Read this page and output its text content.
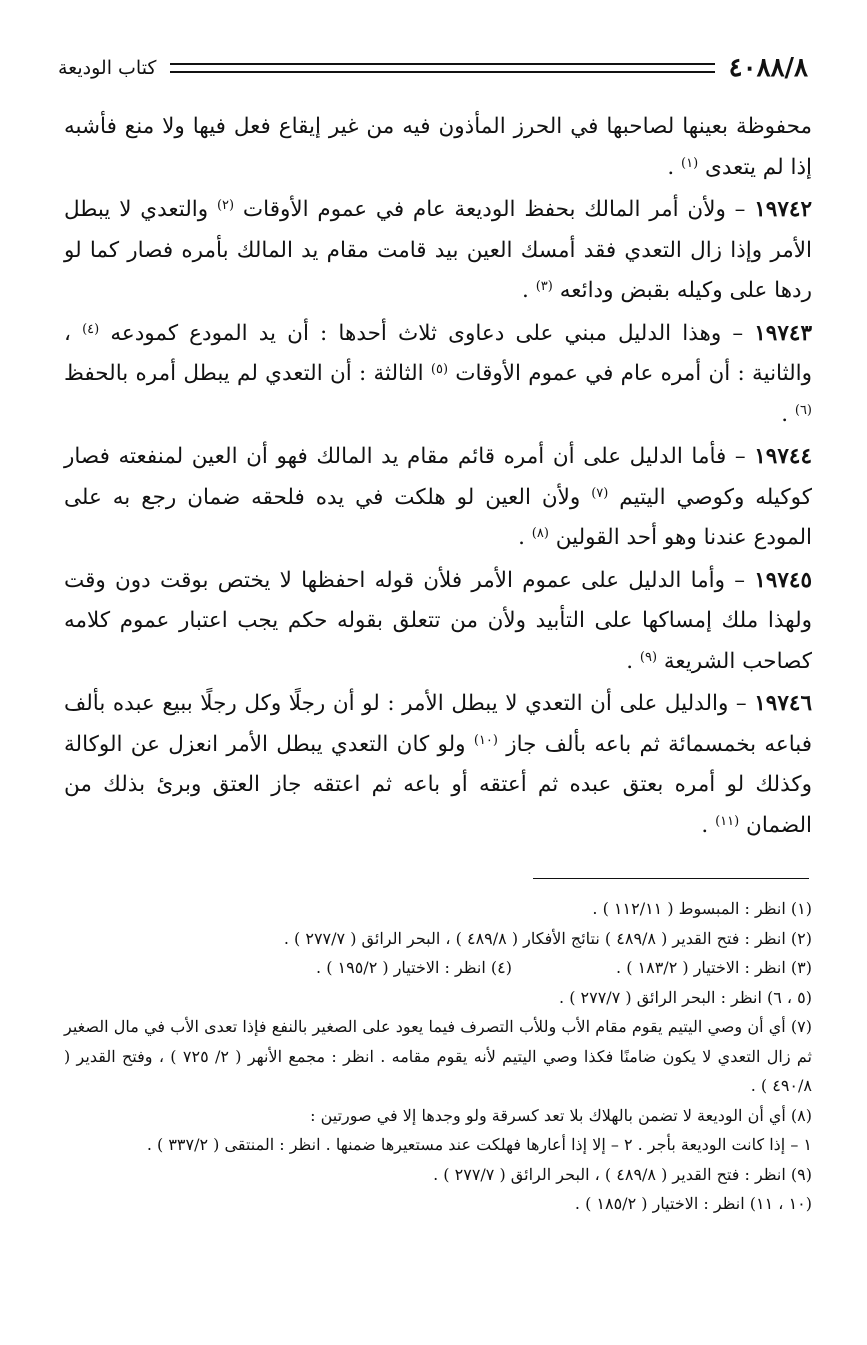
٤٠٨٨/٨
كتاب الوديعة

محفوظة بعينها لصاحبها في الحرز المأذون فيه من غير إيقاع فعل فيها ولا منع فأشبه إذا لم يتعدى $^{(١)}$ .

١٩٧٤٢ – ولأن أمر المالك بحفظ الوديعة عام في عموم الأوقات $^{(٢)}$ والتعدي لا يبطل الأمر وإذا زال التعدي فقد أمسك العين بيد قامت مقام يد المالك بأمره فصار كما لو ردها على وكيله بقبض ودائعه $^{(٣)}$ .

١٩٧٤٣ – وهذا الدليل مبني على دعاوى ثلاث أحدها : أن يد المودع كمودعه $^{(٤)}$ ، والثانية : أن أمره عام في عموم الأوقات $^{(٥)}$ الثالثة : أن التعدي لم يبطل أمره بالحفظ $^{(٦)}$ .

١٩٧٤٤ – فأما الدليل على أن أمره قائم مقام يد المالك فهو أن العين لمنفعته فصار كوكيله وكوصي اليتيم $^{(٧)}$ ولأن العين لو هلكت في يده فلحقه ضمان رجع به على المودع عندنا وهو أحد القولين $^{(٨)}$ .

١٩٧٤٥ – وأما الدليل على عموم الأمر فلأن قوله احفظها لا يختص بوقت دون وقت ولهذا ملك إمساكها على التأبيد ولأن من تتعلق بقوله حكم يجب اعتبار عموم كلامه كصاحب الشريعة $^{(٩)}$ .

١٩٧٤٦ – والدليل على أن التعدي لا يبطل الأمر : لو أن رجلًا وكل رجلًا ببيع عبده بألف فباعه بخمسمائة ثم باعه بألف جاز $^{(١٠)}$ ولو كان التعدي يبطل الأمر انعزل عن الوكالة وكذلك لو أمره بعتق عبده ثم أعتقه أو باعه ثم اعتقه جاز العتق وبرئ بذلك من الضمان $^{(١١)}$ .

(١) انظر : المبسوط ( ١١٢/١١ ) .

(٢) انظر : فتح القدير ( ٤٨٩/٨ ) نتائج الأفكار ( ٤٨٩/٨ ) ، البحر الرائق ( ٢٧٧/٧ ) .

(٣) انظر : الاختيار ( ١٨٣/٢ ) .
(٤) انظر : الاختيار ( ١٩٥/٢ ) .

(٥ ، ٦) انظر : البحر الرائق ( ٢٧٧/٧ ) .

(٧) أي أن وصي اليتيم يقوم مقام الأب وللأب التصرف فيما يعود على الصغير بالنفع فإذا تعدى الأب في مال الصغير ثم زال التعدي لا يكون ضامنًا فكذا وصي اليتيم لأنه يقوم مقامه . انظر : مجمع الأنهر ( ٢/ ٧٢٥ ) ، وفتح القدير ( ٤٩٠/٨ ) .

(٨) أي أن الوديعة لا تضمن بالهلاك بلا تعد كسرقة ولو وجدها إلا في صورتين :

١ – إذا كانت الوديعة بأجر . ٢ – إلا إذا أعارها فهلكت عند مستعيرها ضمنها . انظر : المنتقى ( ٣٣٧/٢ ) .

(٩) انظر : فتح القدير ( ٤٨٩/٨ ) ، البحر الرائق ( ٢٧٧/٧ ) .

(١٠ ، ١١) انظر : الاختيار ( ١٨٥/٢ ) .
